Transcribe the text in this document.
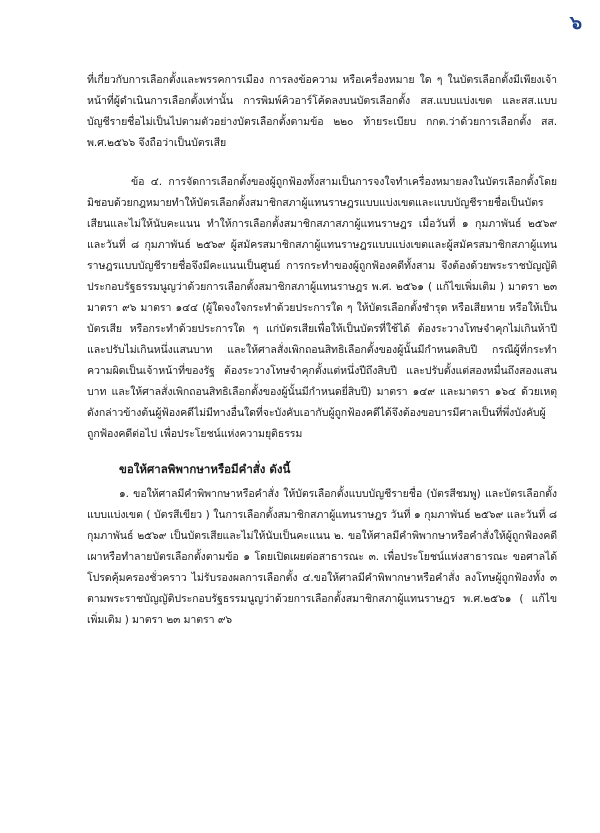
๖

ที่เกี่ยวกับการเลือกตั้งและพรรคการเมือง การลงข้อความ หรือเครื่องหมาย ใด ๆ ในบัตรเลือกตั้งมีเพียงเจ้าหน้าที่ผู้ดำเนินการเลือกตั้งเท่านั้น การพิมพ์คิวอาร์โค้ดลงบนบัตรเลือกตั้ง สส.แบบแบ่งเขต และสส.แบบบัญชีรายชื่อไม่เป็นไปตามตัวอย่างบัตรเลือกตั้งตามข้อ ๒๒๐ ท้ายระเบียบ กกต.ว่าด้วยการเลือกตั้ง สส. พ.ศ.๒๕๖๖ จึงถือว่าเป็นบัตรเสีย

ข้อ ๔. การจัดการเลือกตั้งของผู้ถูกฟ้องทั้งสามเป็นการจงใจทำเครื่องหมายลงในบัตรเลือกตั้งโดยมิชอบด้วยกฎหมายทำให้บัตรเลือกตั้งสมาชิกสภาผู้แทนราษฎรแบบแบ่งเขตและแบบบัญชีรายชื่อเป็นบัตรเสียนและไม่ให้นับคะแนน ทำให้การเลือกตั้งสมาชิกสภาสภาผู้แทนราษฎร เมื่อวันที่ ๑ กุมภาพันธ์ ๒๕๖๙ และวันที่ ๘ กุมภาพันธ์ ๒๕๖๙ ผู้สมัครสมาชิกสภาผู้แทนราษฎรแบบแบ่งเขตและผู้สมัครสมาชิกสภาผู้แทนราษฎรแบบบัญชีรายชื่อจึงมีคะแนนเป็นศูนย์ การกระทำของผู้ถูกฟ้องคดีทั้งสาม จึงต้องด้วยพระราชบัญญัติประกอบรัฐธรรมนูญว่าด้วยการเลือกตั้งสมาชิกสภาผู้แทนราษฎร พ.ศ. ๒๕๖๑ ( แก้ไขเพิ่มเติม ) มาตรา ๒๓ มาตรา ๙๖ มาตรา ๑๔๔ (ผู้ใดจงใจกระทำด้วยประการใด ๆ ให้บัตรเลือกตั้งชำรุด หรือเสียหาย หรือให้เป็นบัตรเสีย หรือกระทำด้วยประการใด ๆ แก่บัตรเสียเพื่อให้เป็นบัตรที่ใช้ได้ ต้องระวางโทษจำคุกไม่เกินห้าปี และปรับไม่เกินหนึ่งแสนบาท และให้ศาลสั่งเพิกถอนสิทธิเลือกตั้งของผู้นั้นมีกำหนดสิบปี กรณีผู้ที่กระทำความผิดเป็นเจ้าหน้าที่ของรัฐ ต้องระวางโทษจำคุกตั้งแต่หนึ่งปีถึงสิบปี และปรับตั้งแต่สองหมื่นถึงสองแสนบาท และให้ศาลสั่งเพิกถอนสิทธิเลือกตั้งของผู้นั้นมีกำหนดยี่สิบปี) มาตรา ๑๔๙ และมาตรา ๑๖๔ ด้วยเหตุดังกล่าวข้างต้นผู้ฟ้องคดีไม่มีทางอื่นใดที่จะบังคับเอากับผู้ถูกฟ้องคดีได้จึงต้องขอบารมีศาลเป็นที่พึ่งบังคับผู้ถูกฟ้องคดีต่อไป เพื่อประโยชน์แห่งความยุติธรรม

ขอให้ศาลพิพากษาหรือมีคำสั่ง ดังนี้

๑. ขอให้ศาลมีคำพิพากษาหรือคำสั่ง ให้บัตรเลือกตั้งแบบบัญชีรายชื่อ (บัตรสีชมพู) และบัตรเลือกตั้งแบบแบ่งเขต ( บัตรสีเขียว ) ในการเลือกตั้งสมาชิกสภาผู้แทนราษฎร วันที่ ๑ กุมภาพันธ์ ๒๕๖๙ และวันที่ ๘ กุมภาพันธ์ ๒๕๖๙ เป็นบัตรเสียและไม่ให้นับเป็นคะแนน ๒. ขอให้ศาลมีคำพิพากษาหรือคำสั่งให้ผู้ถูกฟ้องคดี เผาหรือทำลายบัตรเลือกตั้งตามข้อ ๑ โดยเปิดเผยต่อสาธารณะ ๓. เพื่อประโยชน์แห่งสาธารณะ ขอศาลได้โปรดคุ้มครองชั่วคราว ไม่รับรองผลการเลือกตั้ง ๔.ขอให้ศาลมีคำพิพากษาหรือคำสั่ง ลงโทษผู้ถูกฟ้องทั้ง ๓ ตามพระราชบัญญัติประกอบรัฐธรรมนูญว่าด้วยการเลือกตั้งสมาชิกสภาผู้แทนราษฎร พ.ศ.๒๕๖๑ ( แก้ไขเพิ่มเติม ) มาตรา ๒๓ มาตรา ๙๖
